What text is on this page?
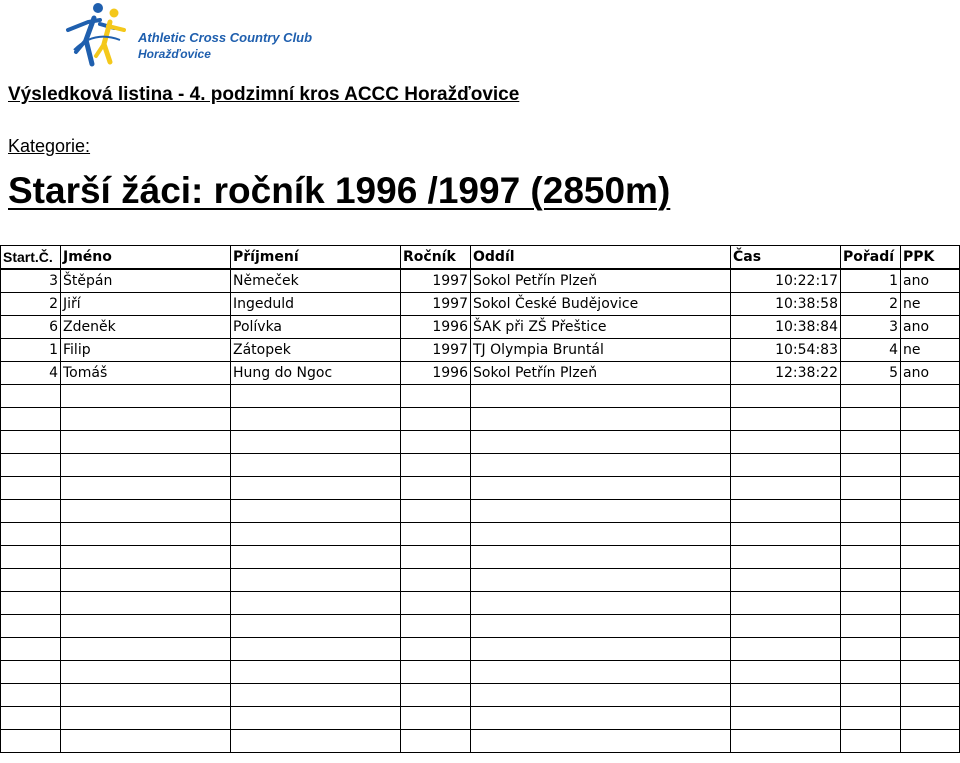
Athletic Cross Country Club
Horažďovice
Výsledková listina - 4. podzimní kros ACCC Horažďovice
Kategorie:
Starší žáci: ročník 1996 /1997 (2850m)
Start.Č.	Jméno	Příjmení	Ročník	Oddíl	Čas	Pořadí	PPK
3	Štěpán	Němeček	1997	Sokol Petřín Plzeň	10:22:17	1	ano
2	Jiří	Ingeduld	1997	Sokol České Budějovice	10:38:58	2	ne
6	Zdeněk	Polívka	1996	ŠAK při ZŠ Přeštice	10:38:84	3	ano
1	Filip	Zátopek	1997	TJ Olympia Bruntál	10:54:83	4	ne
4	Tomáš	Hung do Ngoc	1996	Sokol Petřín Plzeň	12:38:22	5	ano
